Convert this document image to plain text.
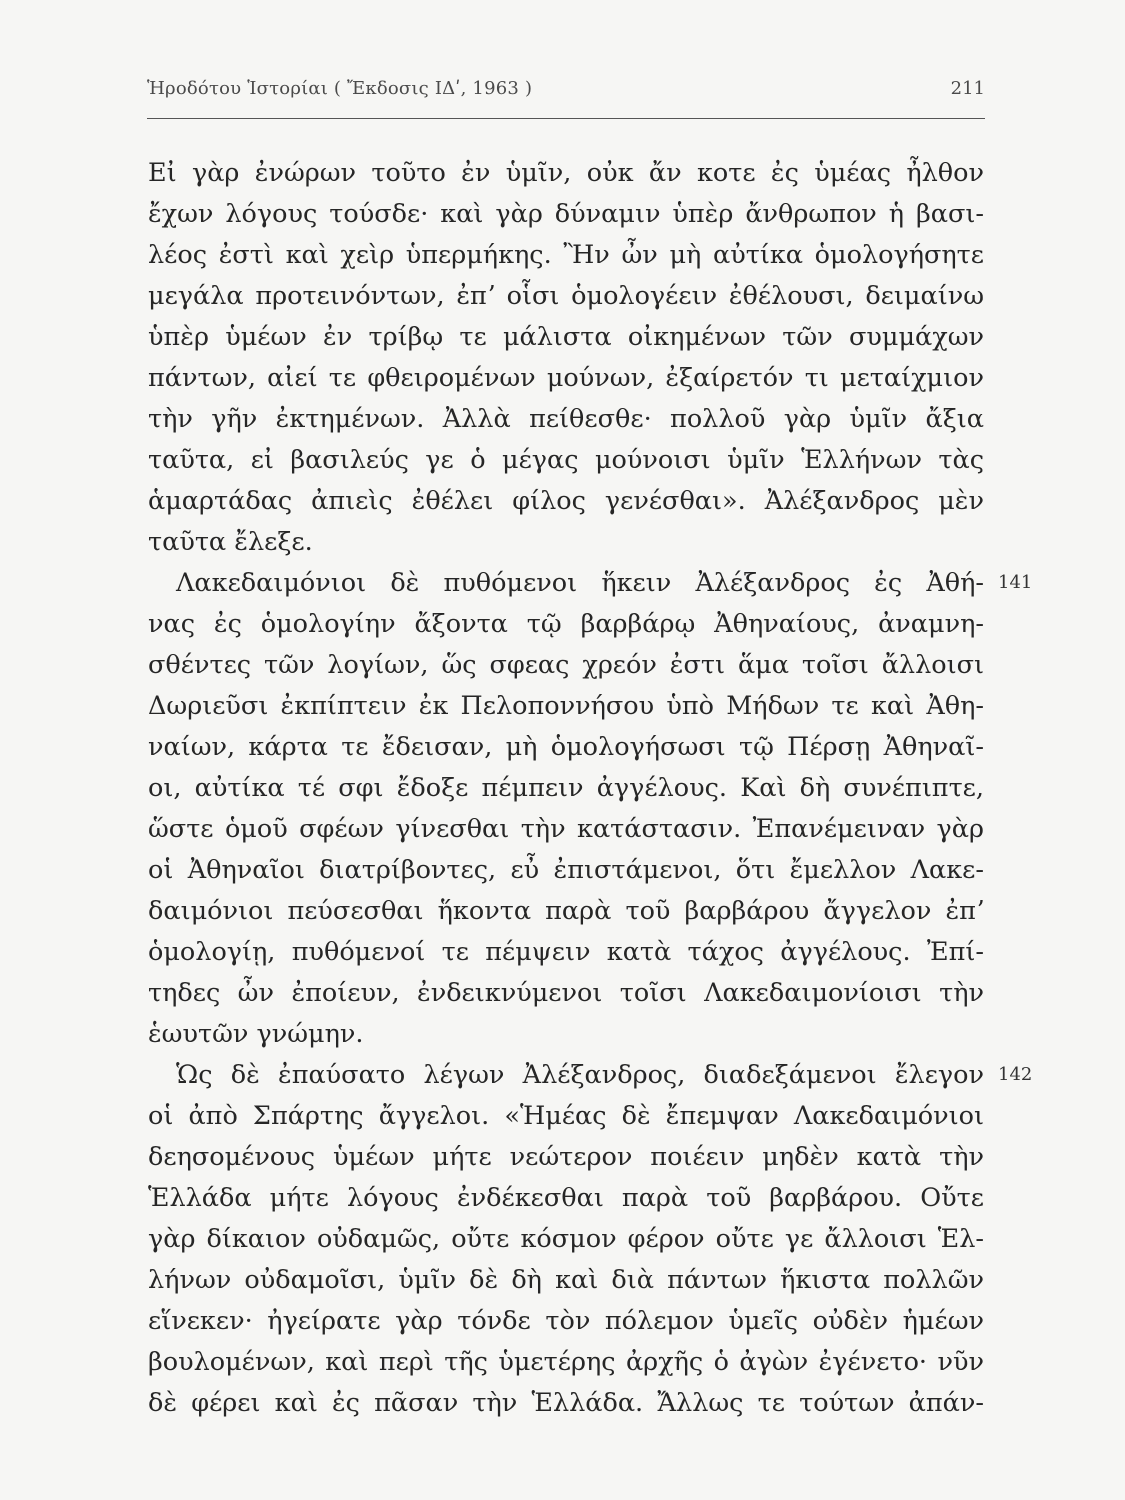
Ἡροδότου Ἱστορίαι ( Ἔκδοσις ΙΔʹ, 1963 )	211
Εἰ γὰρ ἐνώρων τοῦτο ἐν ὑμῖν, οὐκ ἄν κοτε ἐς ὑμέας ἦλθον
ἔχων λόγους τούσδε· καὶ γὰρ δύναμιν ὑπὲρ ἄνθρωπον ἡ βασι-
λέος ἐστὶ καὶ χεὶρ ὑπερμήκης. Ἢν ὦν μὴ αὐτίκα ὁμολογήσητε
μεγάλα προτεινόντων, ἐπʼ οἷσι ὁμολογέειν ἐθέλουσι, δειμαίνω
ὑπὲρ ὑμέων ἐν τρίβῳ τε μάλιστα οἰκημένων τῶν συμμάχων
πάντων, αἰεί τε φθειρομένων μούνων, ἐξαίρετόν τι μεταίχμιον
τὴν γῆν ἐκτημένων. Ἀλλὰ πείθεσθε· πολλοῦ γὰρ ὑμῖν ἄξια
ταῦτα, εἰ βασιλεύς γε ὁ μέγας μούνοισι ὑμῖν Ἑλλήνων τὰς
ἁμαρτάδας ἀπιεὶς ἐθέλει φίλος γενέσθαι». Ἀλέξανδρος μὲν
ταῦτα ἔλεξε.
Λακεδαιμόνιοι δὲ πυθόμενοι ἥκειν Ἀλέξανδρος ἐς Ἀθή- 141
νας ἐς ὁμολογίην ἄξοντα τῷ βαρβάρῳ Ἀθηναίους, ἀναμνη-
σθέντες τῶν λογίων, ὥς σφεας χρεόν ἐστι ἅμα τοῖσι ἄλλοισι
Δωριεῦσι ἐκπίπτειν ἐκ Πελοποννήσου ὑπὸ Μήδων τε καὶ Ἀθη-
ναίων, κάρτα τε ἔδεισαν, μὴ ὁμολογήσωσι τῷ Πέρσῃ Ἀθηναῖ-
οι, αὐτίκα τέ σφι ἔδοξε πέμπειν ἀγγέλους. Καὶ δὴ συνέπιπτε,
ὥστε ὁμοῦ σφέων γίνεσθαι τὴν κατάστασιν. Ἐπανέμειναν γὰρ
οἱ Ἀθηναῖοι διατρίβοντες, εὖ ἐπιστάμενοι, ὅτι ἔμελλον Λακε-
δαιμόνιοι πεύσεσθαι ἥκοντα παρὰ τοῦ βαρβάρου ἄγγελον ἐπʼ
ὁμολογίῃ, πυθόμενοί τε πέμψειν κατὰ τάχος ἀγγέλους. Ἐπί-
τηδες ὦν ἐποίευν, ἐνδεικνύμενοι τοῖσι Λακεδαιμονίοισι τὴν
ἑωυτῶν γνώμην.
Ὡς δὲ ἐπαύσατο λέγων Ἀλέξανδρος, διαδεξάμενοι ἔλεγον 142
οἱ ἀπὸ Σπάρτης ἄγγελοι. «Ἡμέας δὲ ἔπεμψαν Λακεδαιμόνιοι
δεησομένους ὑμέων μήτε νεώτερον ποιέειν μηδὲν κατὰ τὴν
Ἑλλάδα μήτε λόγους ἐνδέκεσθαι παρὰ τοῦ βαρβάρου. Οὔτε
γὰρ δίκαιον οὐδαμῶς, οὔτε κόσμον φέρον οὔτε γε ἄλλοισι Ἑλ-
λήνων οὐδαμοῖσι, ὑμῖν δὲ δὴ καὶ διὰ πάντων ἥκιστα πολλῶν
εἵνεκεν· ἠγείρατε γὰρ τόνδε τὸν πόλεμον ὑμεῖς οὐδὲν ἡμέων
βουλομένων, καὶ περὶ τῆς ὑμετέρης ἀρχῆς ὁ ἀγὼν ἐγένετο· νῦν
δὲ φέρει καὶ ἐς πᾶσαν τὴν Ἑλλάδα. Ἄλλως τε τούτων ἀπάν-
